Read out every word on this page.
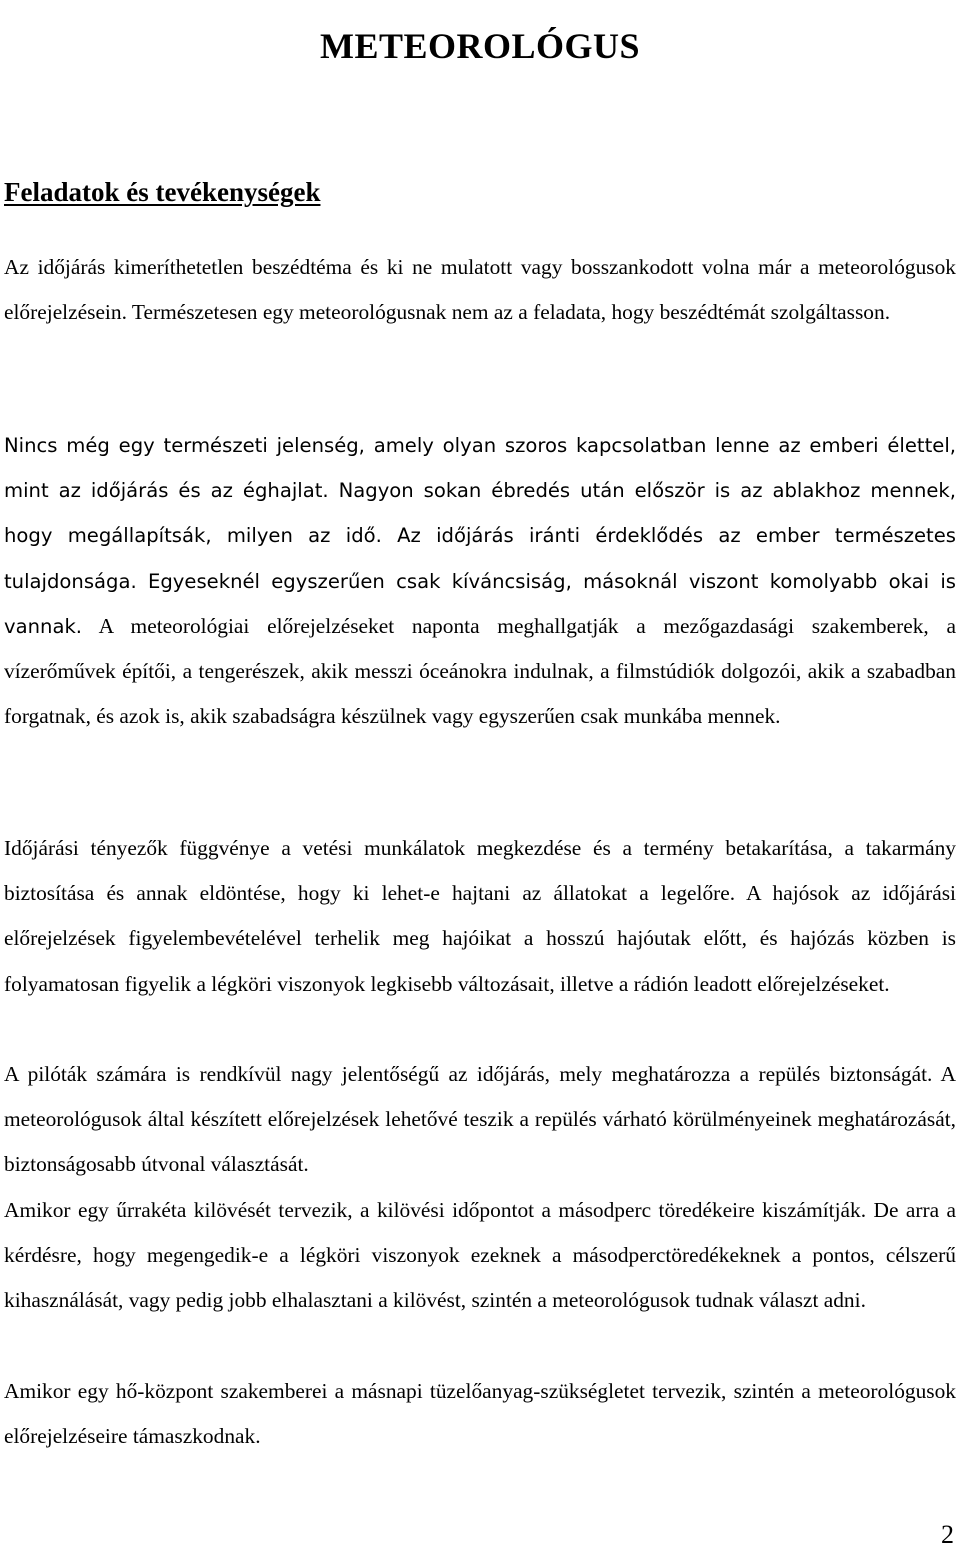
METEOROLÓGUS
Feladatok és tevékenységek

Az időjárás kimeríthetetlen beszédtéma és ki ne mulatott vagy bosszankodott volna már a meteorológusok előrejelzésein. Természetesen egy meteorológusnak nem az a feladata, hogy beszédtémát szolgáltasson.

Nincs még egy természeti jelenség, amely olyan szoros kapcsolatban lenne az emberi élettel, mint az időjárás és az éghajlat. Nagyon sokan ébredés után először is az ablakhoz mennek, hogy megállapítsák, milyen az idő. Az időjárás iránti érdeklődés az ember természetes tulajdonsága. Egyeseknél egyszerűen csak kíváncsiság, másoknál viszont komolyabb okai is vannak. A meteorológiai előrejelzéseket naponta meghallgatják a mezőgazdasági szakemberek, a vízerőművek építői, a tengerészek, akik messzi óceánokra indulnak, a filmstúdiók dolgozói, akik a szabadban forgatnak, és azok is, akik szabadságra készülnek vagy egyszerűen csak munkába mennek.

Időjárási tényezők függvénye a vetési munkálatok megkezdése és a termény betakarítása, a takarmány biztosítása és annak eldöntése, hogy ki lehet-e hajtani az állatokat a legelőre. A hajósok az időjárási előrejelzések figyelembevételével terhelik meg hajóikat a hosszú hajóutak előtt, és hajózás közben is folyamatosan figyelik a légköri viszonyok legkisebb változásait, illetve a rádión leadott előrejelzéseket.

A pilóták számára is rendkívül nagy jelentőségű az időjárás, mely meghatározza a repülés biztonságát. A meteorológusok által készített előrejelzések lehetővé teszik a repülés várható körülményeinek meghatározását, biztonságosabb útvonal választását.

Amikor egy űrrakéta kilövését tervezik, a kilövési időpontot a másodperc töredékeire kiszámítják. De arra a kérdésre, hogy megengedik-e a légköri viszonyok ezeknek a másodperctöredékeknek a pontos, célszerű kihasználását, vagy pedig jobb elhalasztani a kilövést, szintén a meteorológusok tudnak választ adni.

Amikor egy hő-központ szakemberei a másnapi tüzelőanyag-szükségletet tervezik, szintén a meteorológusok előrejelzéseire támaszkodnak.

2
